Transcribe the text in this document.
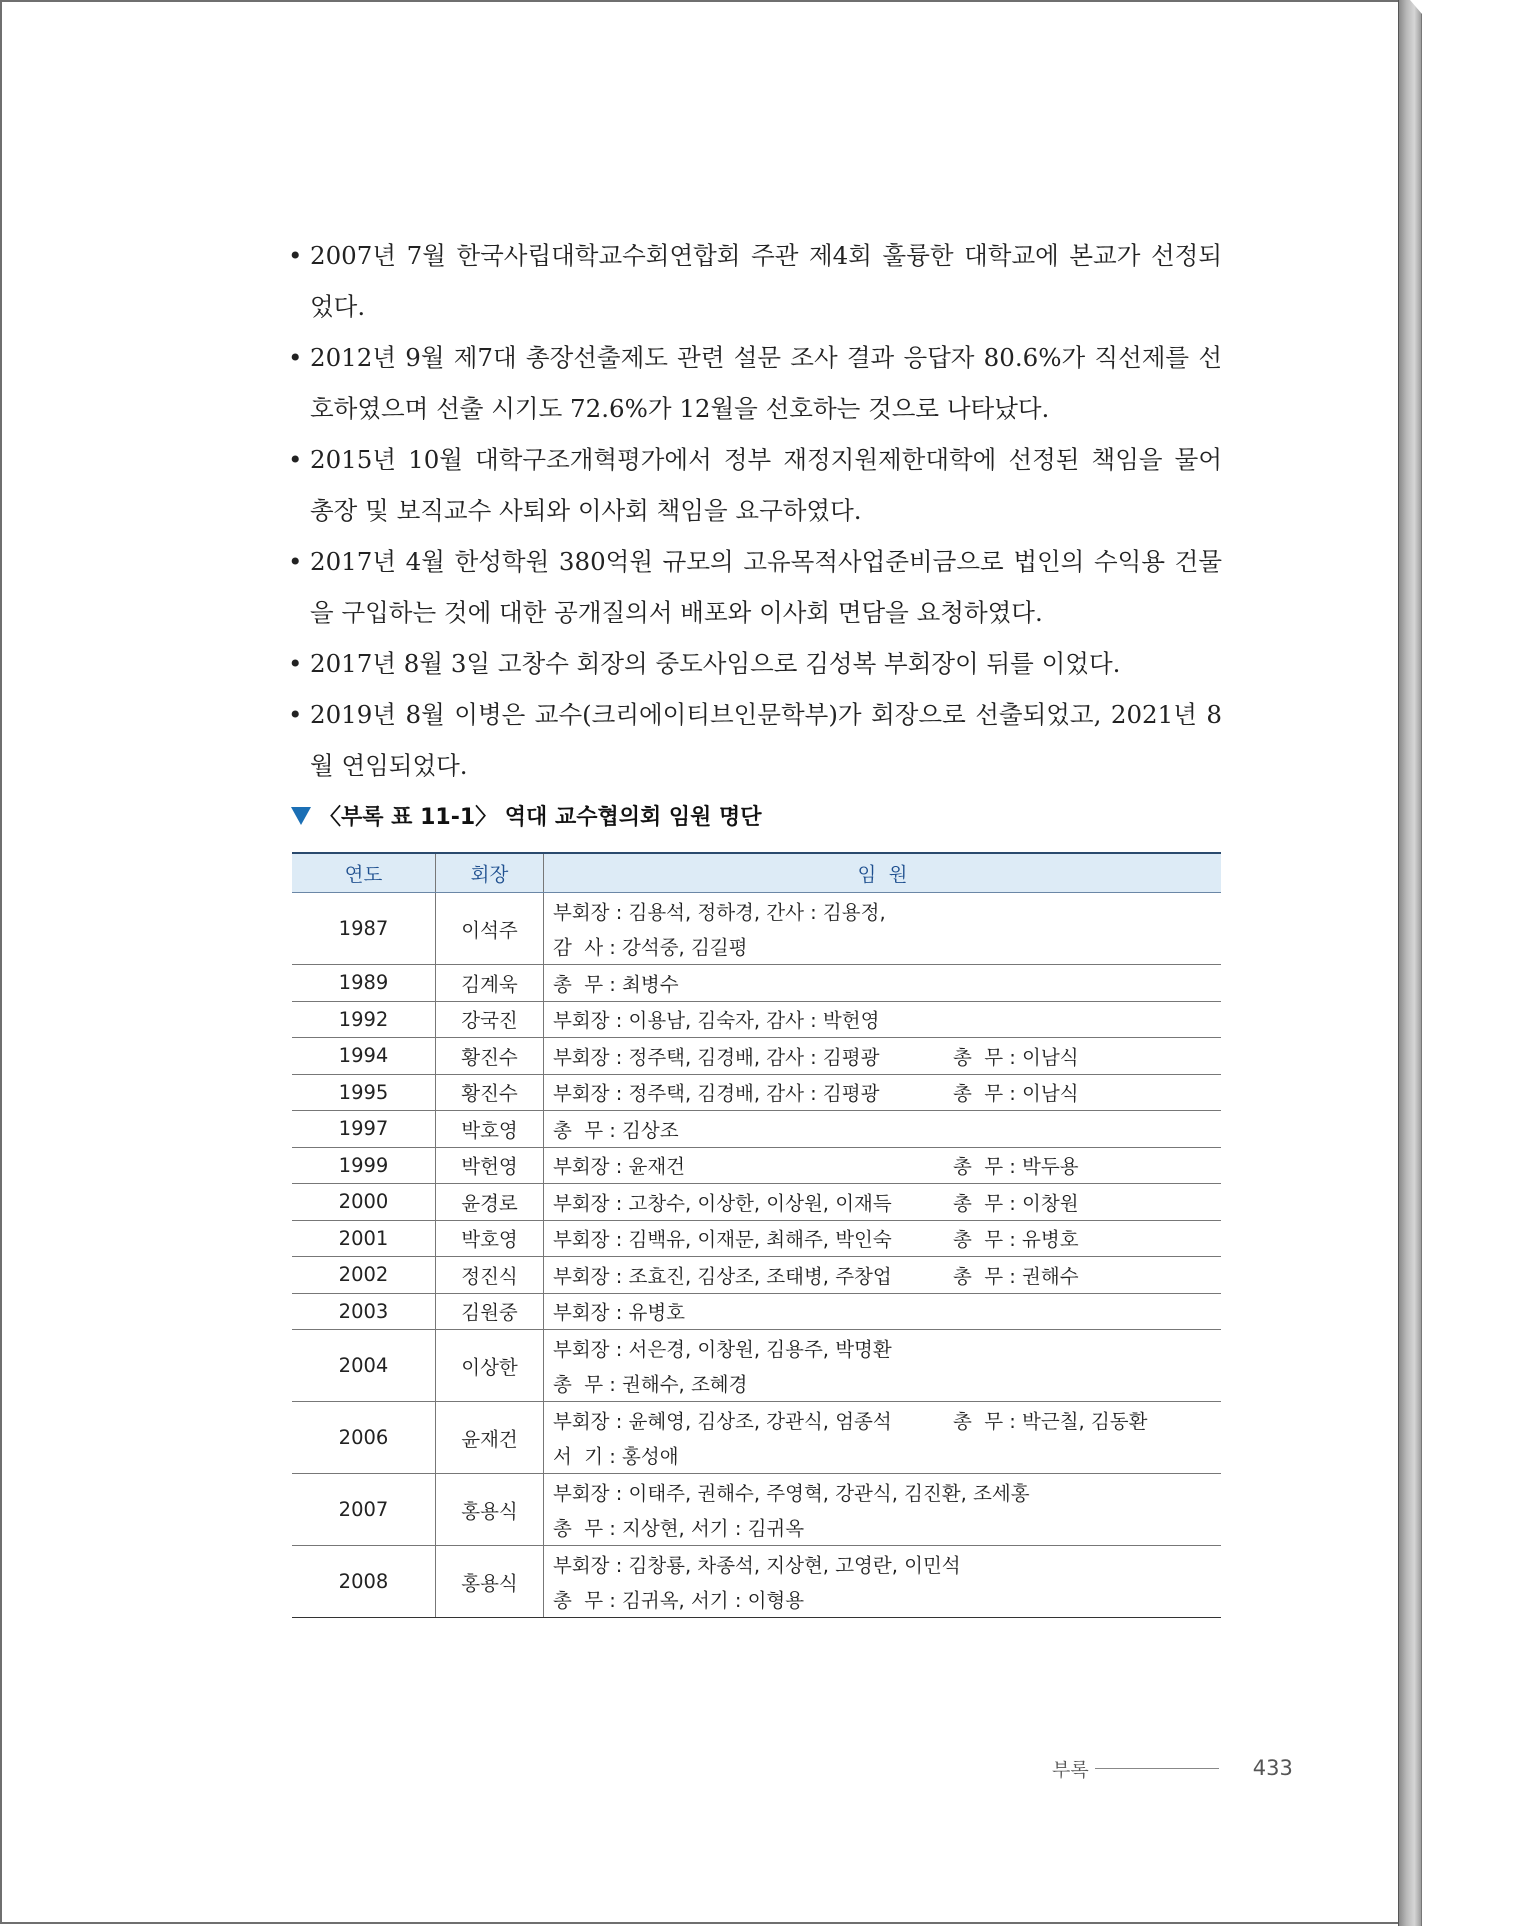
• 2007년 7월 한국사립대학교수회연합회 주관 제4회 훌륭한 대학교에 본교가 선정되었다.
• 2012년 9월 제7대 총장선출제도 관련 설문 조사 결과 응답자 80.6%가 직선제를 선호하였으며 선출 시기도 72.6%가 12월을 선호하는 것으로 나타났다.
• 2015년 10월 대학구조개혁평가에서 정부 재정지원제한대학에 선정된 책임을 물어 총장 및 보직교수 사퇴와 이사회 책임을 요구하였다.
• 2017년 4월 한성학원 380억원 규모의 고유목적사업준비금으로 법인의 수익용 건물을 구입하는 것에 대한 공개질의서 배포와 이사회 면담을 요청하였다.
• 2017년 8월 3일 고창수 회장의 중도사임으로 김성복 부회장이 뒤를 이었다.
• 2019년 8월 이병은 교수(크리에이티브인문학부)가 회장으로 선출되었고, 2021년 8월 연임되었다.
〈부록 표 11-1〉 역대 교수협의회 임원 명단
연도	회장	임  원
1987	이석주	부회장 : 김용석, 정하경, 간사 : 김용정,
감  사 : 강석중, 김길평

1989	김계욱	총  무 : 최병수

1992	강국진	부회장 : 이용남, 김숙자, 감사 : 박헌영

1994	황진수	부회장 : 정주택, 김경배, 감사 : 김평광 총  무 : 이남식

1995	황진수	부회장 : 정주택, 김경배, 감사 : 김평광 총  무 : 이남식

1997	박호영	총  무 : 김상조

1999	박헌영	부회장 : 윤재건 총  무 : 박두용

2000	윤경로	부회장 : 고창수, 이상한, 이상원, 이재득 총  무 : 이창원

2001	박호영	부회장 : 김백유, 이재문, 최해주, 박인숙 총  무 : 유병호

2002	정진식	부회장 : 조효진, 김상조, 조태병, 주창업 총  무 : 권해수

2003	김원중	부회장 : 유병호

2004	이상한	부회장 : 서은경, 이창원, 김용주, 박명환
총  무 : 권해수, 조혜경

2006	윤재건	부회장 : 윤혜영, 김상조, 강관식, 엄종석 총  무 : 박근칠, 김동환
서  기 : 홍성애

2007	홍용식	부회장 : 이태주, 권해수, 주영혁, 강관식, 김진환, 조세홍
총  무 : 지상현, 서기 : 김귀옥

2008	홍용식	부회장 : 김창룡, 차종석, 지상현, 고영란, 이민석
총  무 : 김귀옥, 서기 : 이형용
부록	433
